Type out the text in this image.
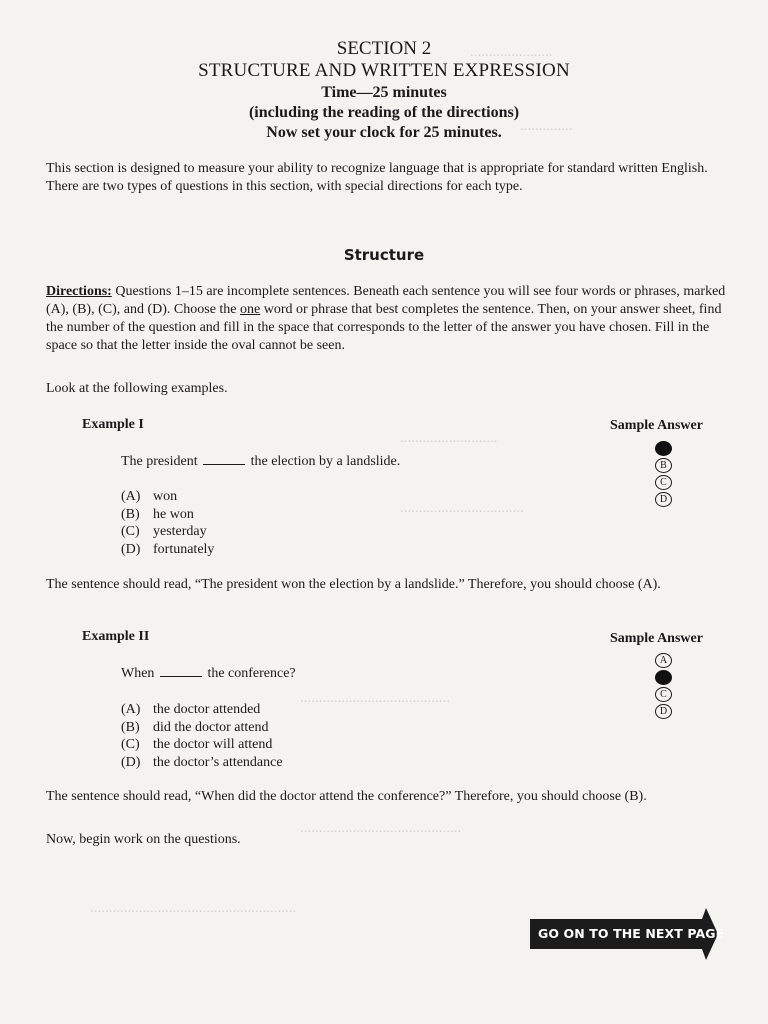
......................
..............
..........................
.................................
........................................
...........................................
.......................................................
SECTION 2
STRUCTURE AND WRITTEN EXPRESSION
Time—25 minutes
(including the reading of the directions)
Now set your clock for 25 minutes.
This section is designed to measure your ability to recognize language that is appropriate for standard written English. There are two types of questions in this section, with special directions for each type.
Structure
Directions: Questions 1–15 are incomplete sentences. Beneath each sentence you will see four words or phrases, marked (A), (B), (C), and (D). Choose the one word or phrase that best completes the sentence. Then, on your answer sheet, find the number of the question and fill in the space that corresponds to the letter of the answer you have chosen. Fill in the space so that the letter inside the oval cannot be seen.
Look at the following examples.
Example I	Sample Answer
The president	the election by a landslide.
(A) won
(B) he won
(C) yesterday
(D) fortunately
B
C
D
The sentence should read, “The president won the election by a landslide.” Therefore, you should choose (A).
Example II	Sample Answer
When	the conference?
(A) the doctor attended
(B) did the doctor attend
(C) the doctor will attend
(D) the doctor’s attendance
A
C
D
The sentence should read, “When did the doctor attend the conference?” Therefore, you should choose (B).
Now, begin work on the questions.
GO ON TO THE NEXT PAGE
